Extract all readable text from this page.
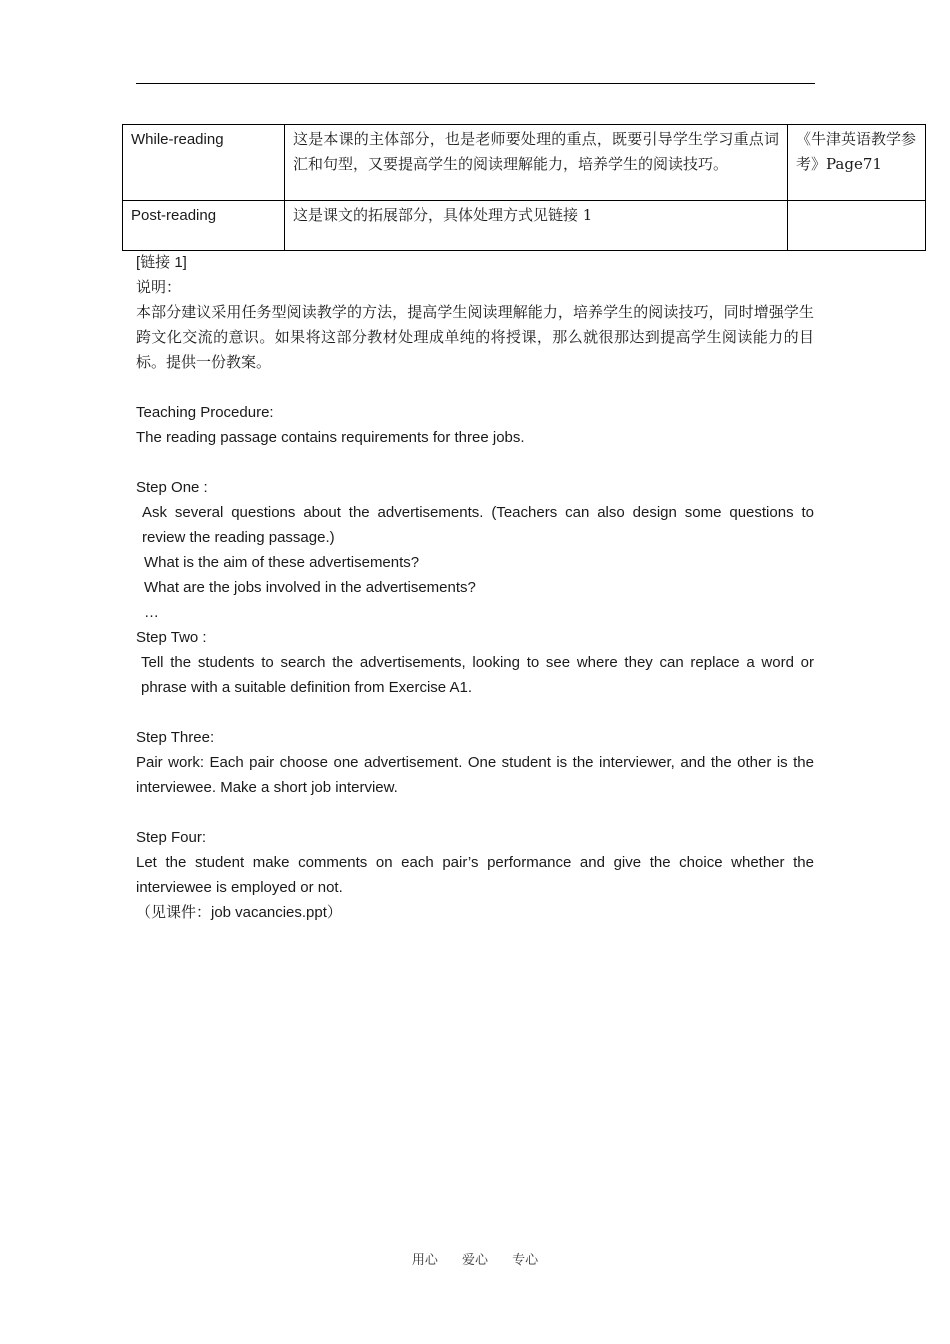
While-reading	这是本课的主体部分，也是老师要处理的重点，既要引导学生学习重点词汇和句型，又要提高学生的阅读理解能力，培养学生的阅读技巧。	《牛津英语教学参考》Page71
Post-reading	这是课文的拓展部分，具体处理方式见链接 1	

[链接 1]

说明：

本部分建议采用任务型阅读教学的方法，提高学生阅读理解能力，培养学生的阅读技巧，同时增强学生跨文化交流的意识。如果将这部分教材处理成单纯的将授课，那么就很那达到提高学生阅读能力的目标。提供一份教案。

Teaching Procedure:

The reading passage contains requirements for three jobs.

Step One :

Ask several questions about the advertisements. (Teachers can also design some questions to review the reading passage.)

What is the aim of these advertisements?

What are the jobs involved in the advertisements?

…

Step Two :

Tell the students to search the advertisements, looking to see where they can replace a word or phrase with a suitable definition from Exercise A1.

Step Three:

Pair work: Each pair choose one advertisement. One student is the interviewer, and the other is the interviewee. Make a short job interview.

Step Four:

Let the student make comments on each pair’s performance and give the choice whether the interviewee is employed or not.

（见课件：job vacancies.ppt）

用心 爱心 专心
